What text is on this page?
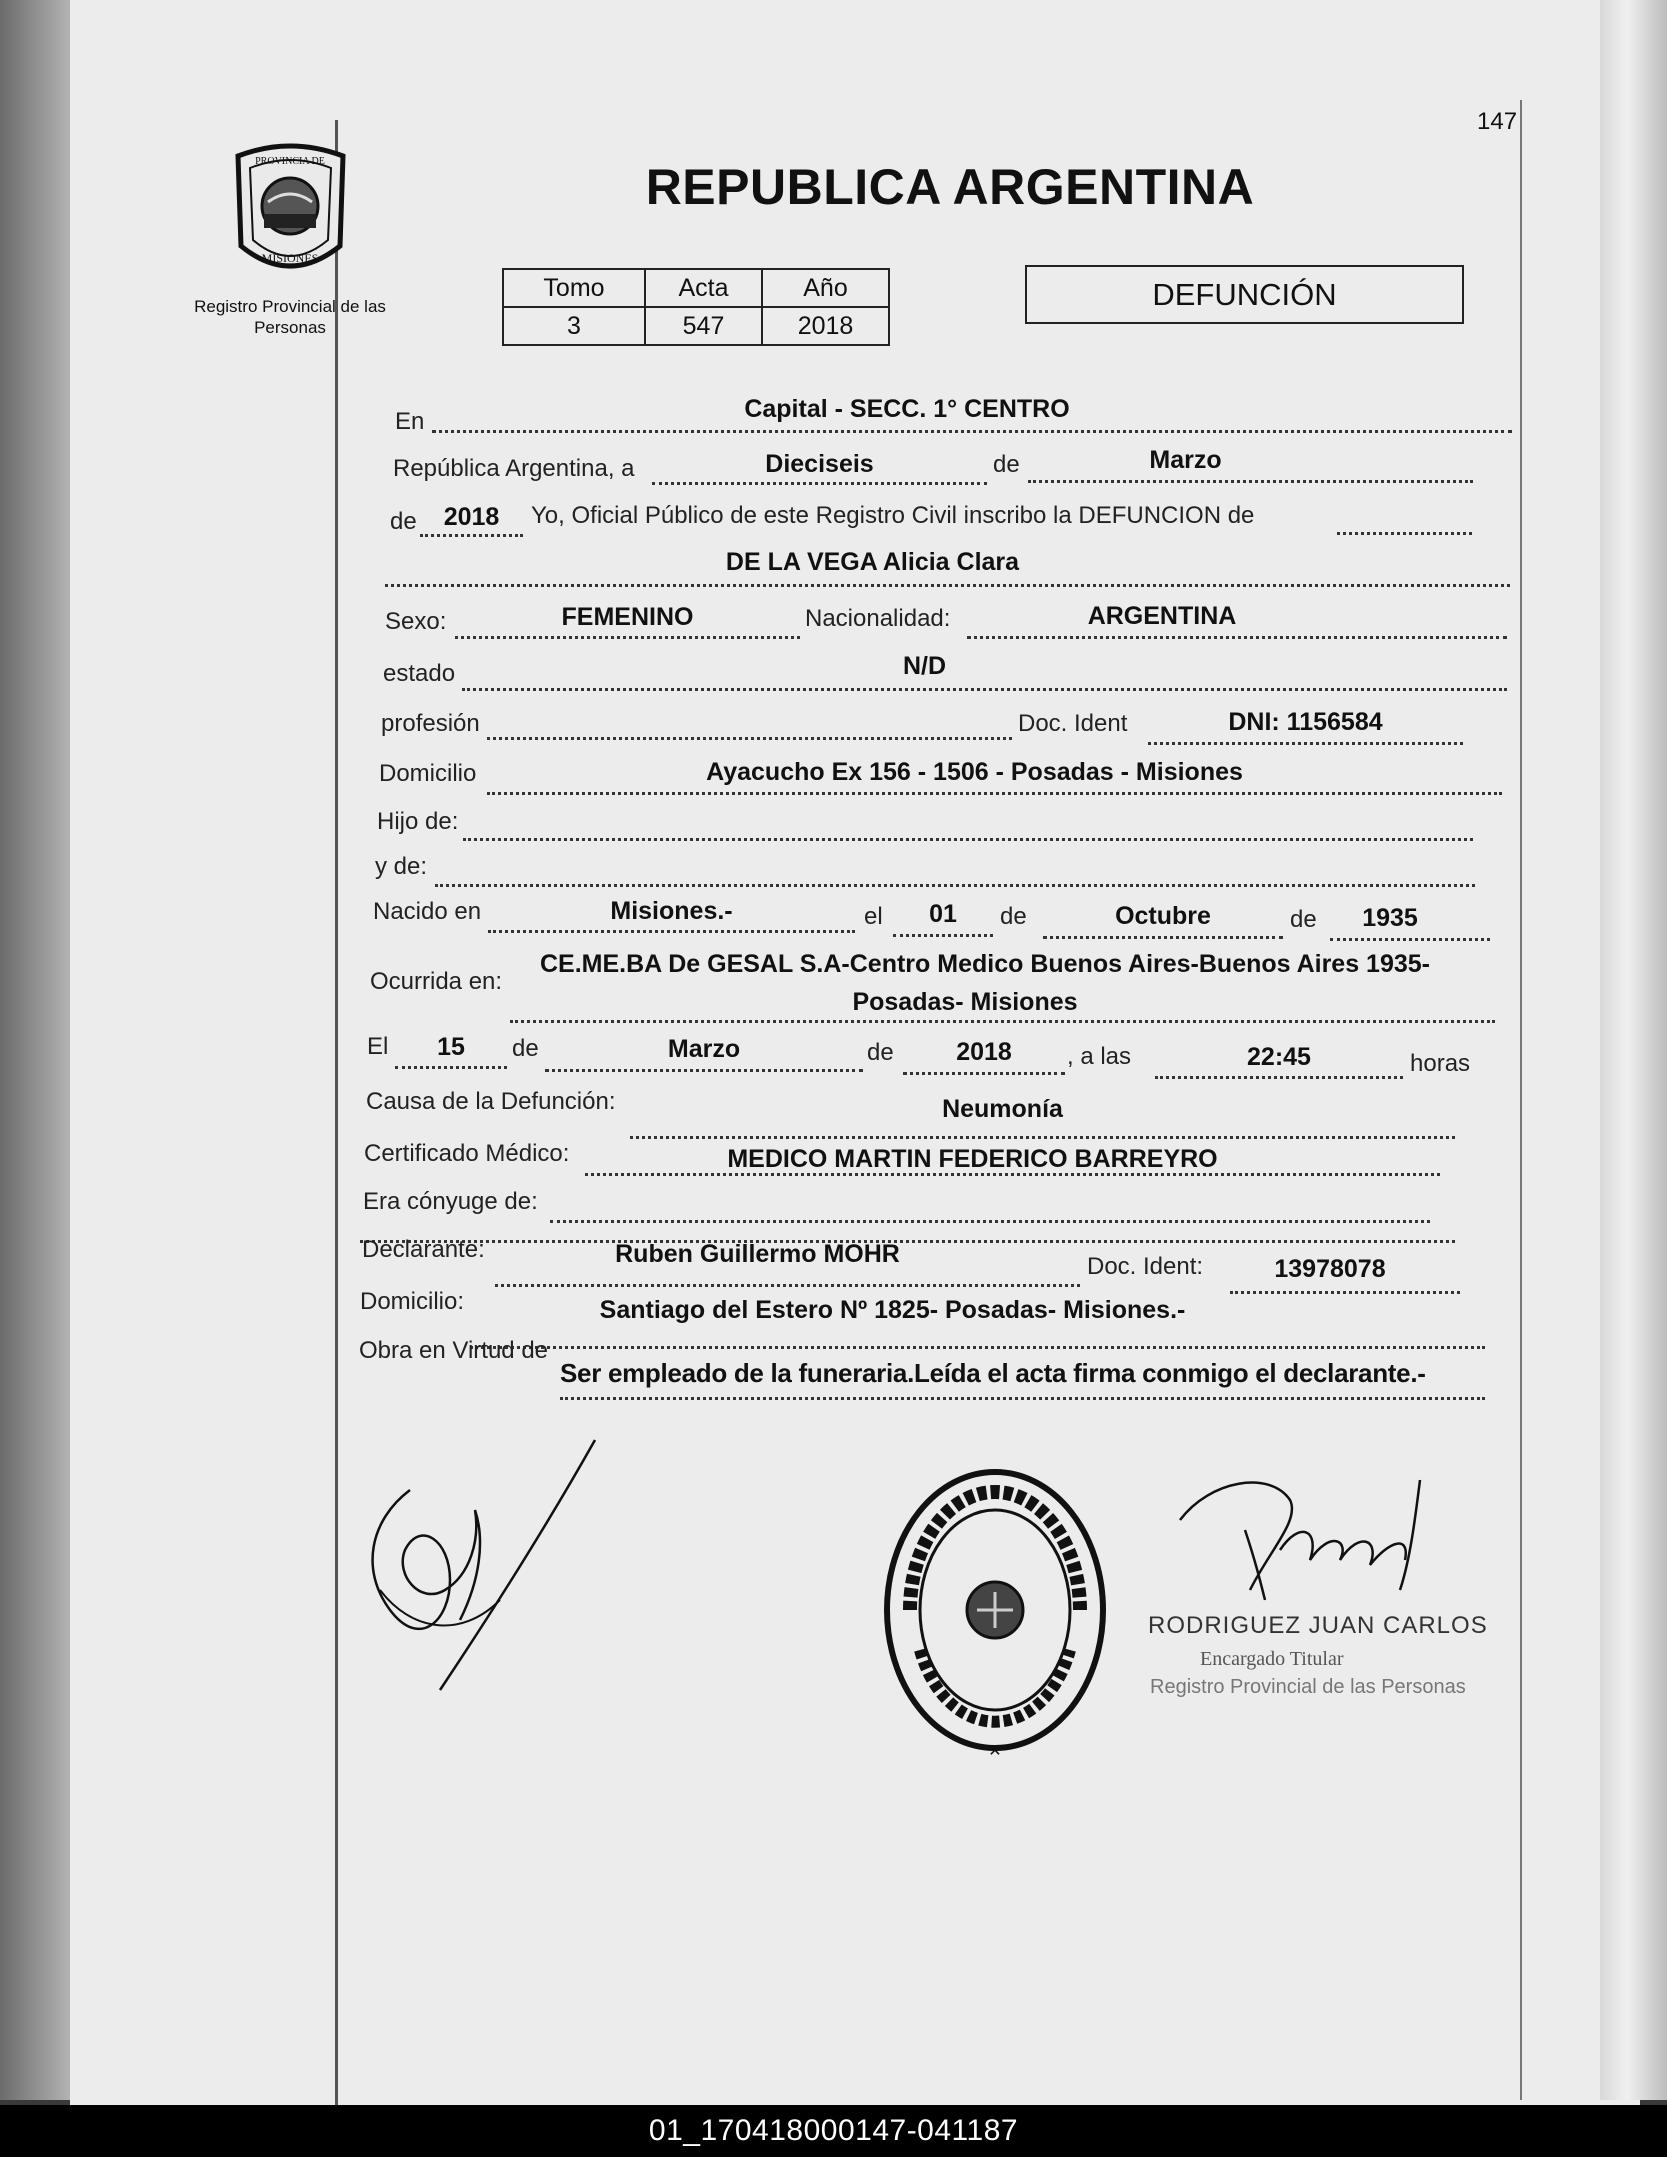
147
PROVINCIA DE
MISIONES
Registro Provincial de las Personas
REPUBLICA ARGENTINA
Tomo	Acta	Año
3	547	2018
DEFUNCIÓN
En	Capital - SECC. 1° CENTRO
República Argentina, a	Dieciseis	de	Marzo
de	2018	Yo, Oficial Público de este Registro Civil inscribo la DEFUNCION de
DE LA VEGA Alicia Clara
Sexo:	FEMENINO	Nacionalidad:	ARGENTINA
estado	N/D
profesión	Doc. Ident	DNI: 1156584
Domicilio	Ayacucho Ex 156 - 1506 - Posadas - Misiones
Hijo de:
y de:
Nacido en	Misiones.-	el	01	de	Octubre	de	1935
Ocurrida en:
CE.ME.BA De GESAL S.A-Centro Medico Buenos Aires-Buenos Aires 1935-
Posadas- Misiones
El	15	de	Marzo	de	2018	, a las	22:45	horas
Causa de la Defunción:	Neumonía
Certificado Médico:	MEDICO MARTIN FEDERICO BARREYRO
Era cónyuge de:
Declarante:	Ruben Guillermo MOHR	Doc. Ident:	13978078
Domicilio:	Santiago del Estero Nº 1825- Posadas- Misiones.-
Obra en Virtud de
Ser empleado de la funeraria.Leída el acta firma conmigo el declarante.-
✕
RODRIGUEZ JUAN CARLOS
Encargado Titular
Registro Provincial de las Personas
01_170418000147-041187
